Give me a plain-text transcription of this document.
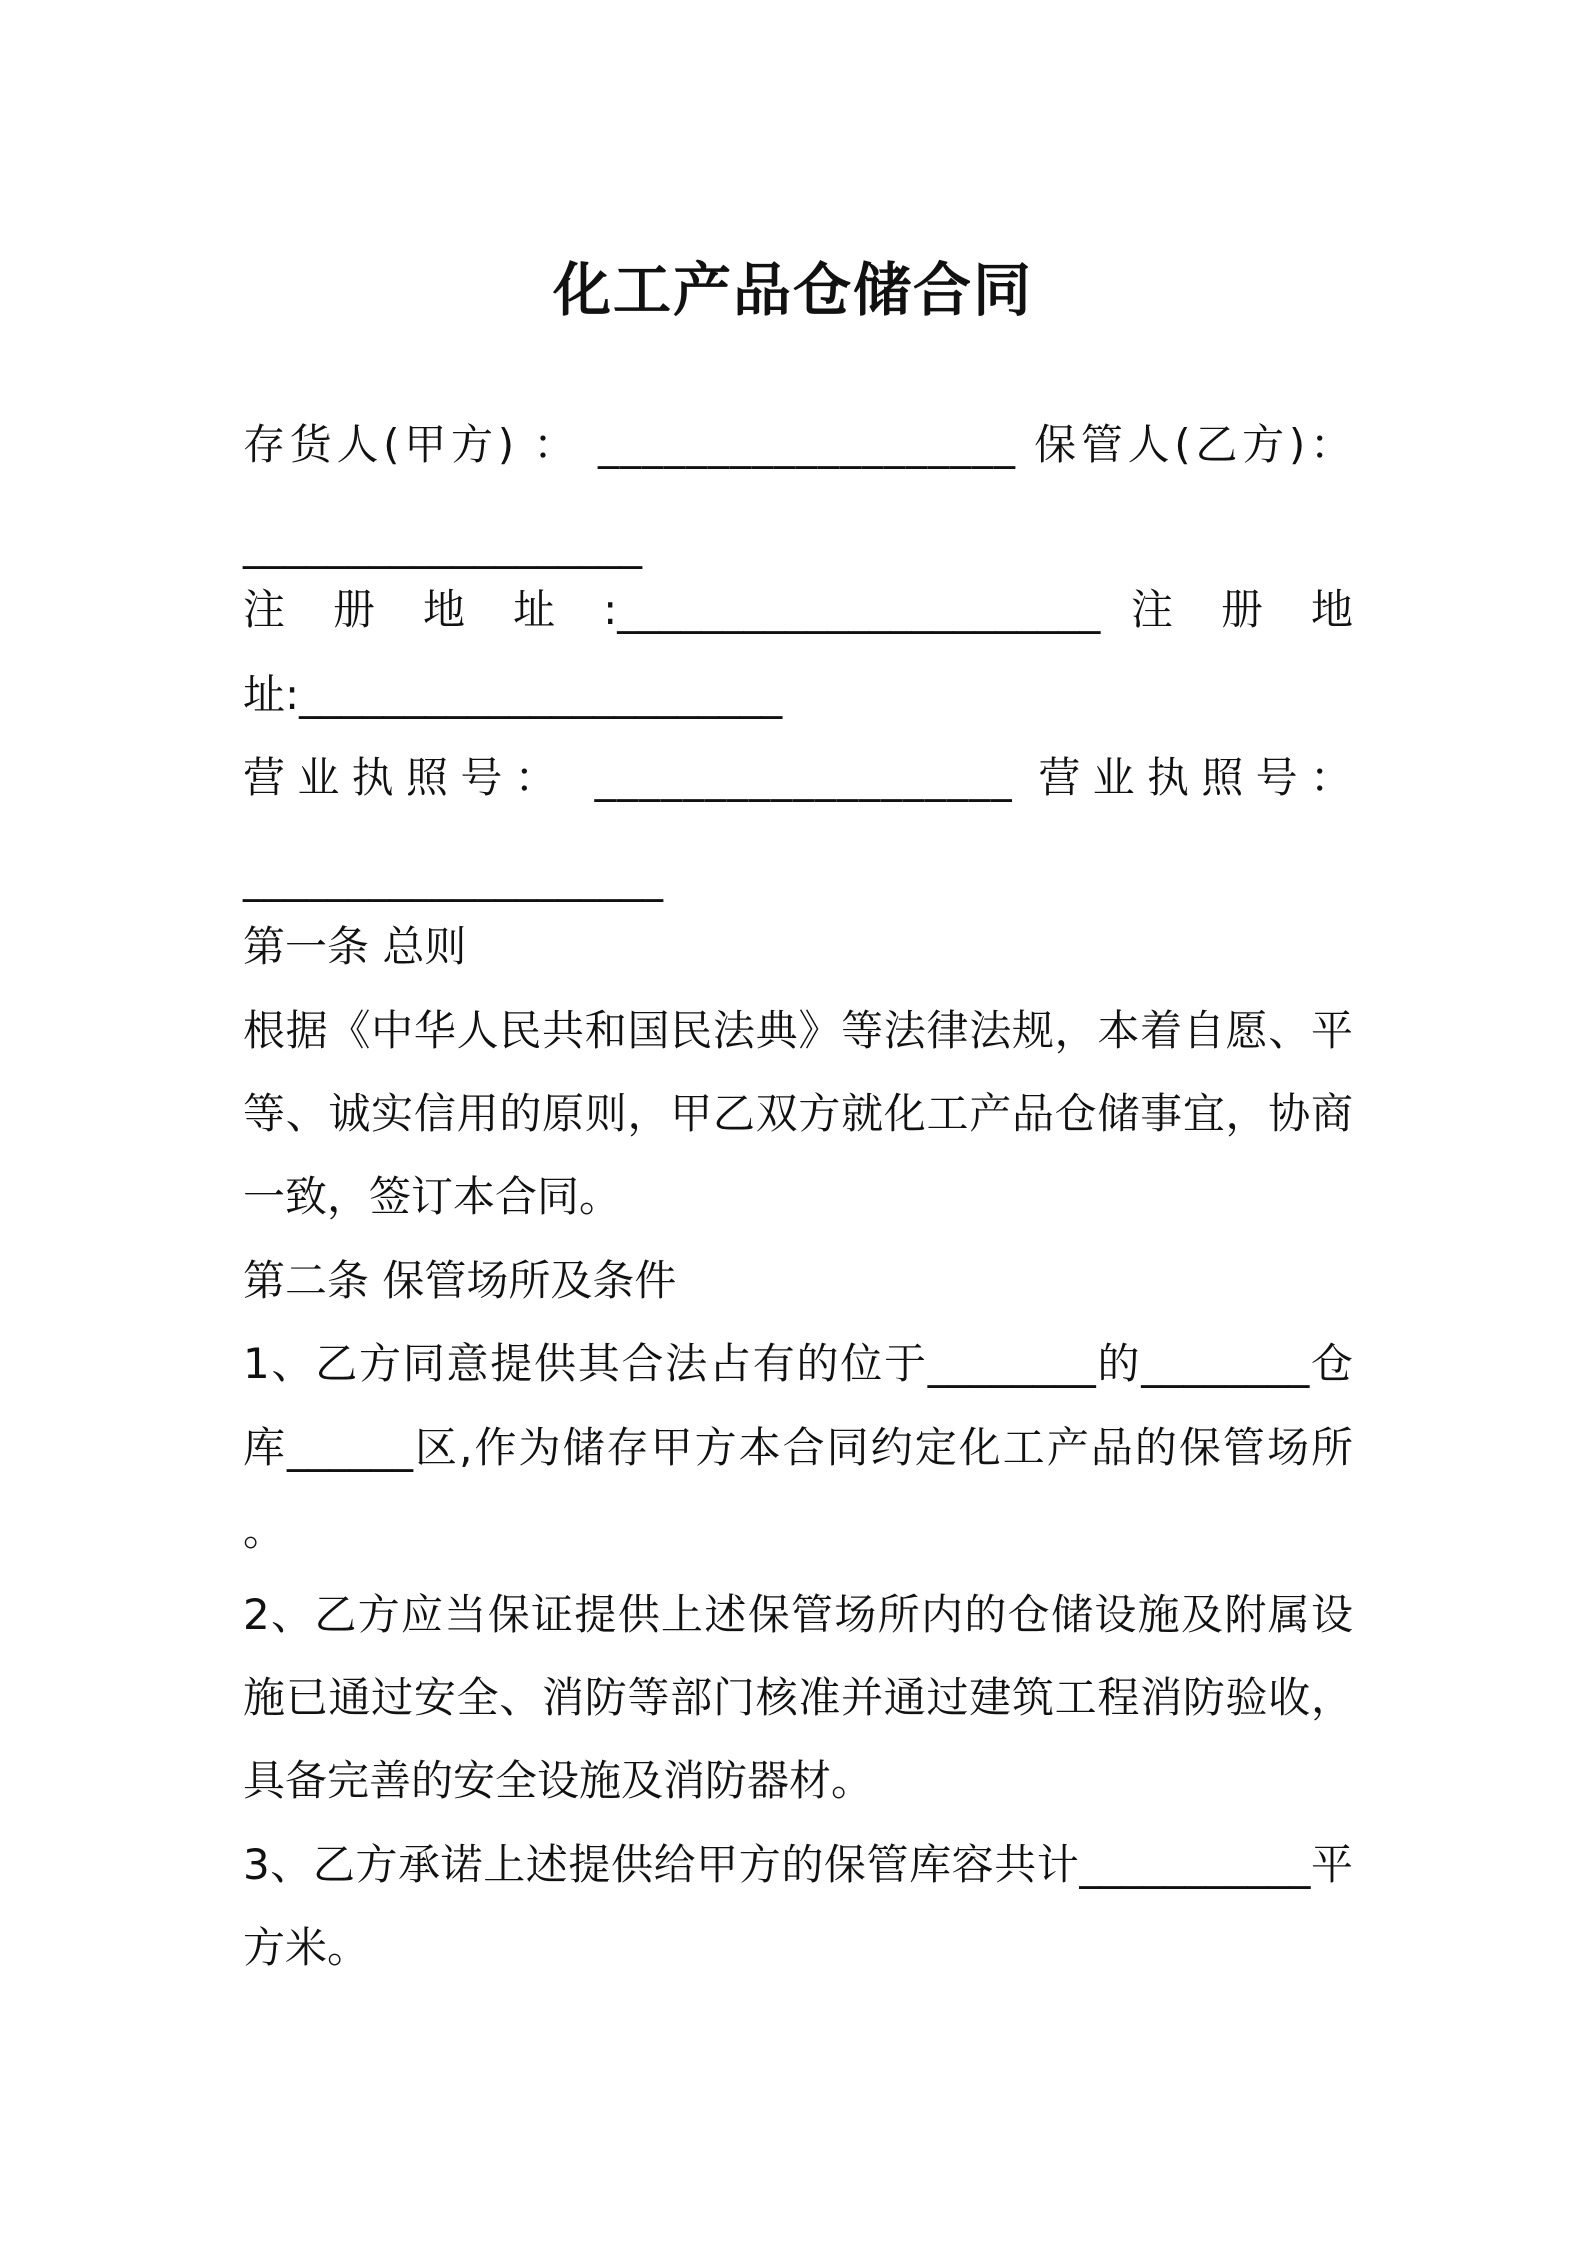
化工产品仓储合同
存货人(甲方) ： ___________________ 保管人(乙方)：
___________________
注 册 地 址 :_______________________ 注 册 地
址:_______________________
营业执照号： ___________________ 营业执照号：
____________________
第一条 总则
根据《中华人民共和国民法典》等法律法规，本着自愿、平
等、诚实信用的原则，甲乙双方就化工产品仓储事宜，协商
一致，签订本合同。
第二条 保管场所及条件
1、乙方同意提供其合法占有的位于________的________仓
库______区,作为储存甲方本合同约定化工产品的保管场所
。
2、乙方应当保证提供上述保管场所内的仓储设施及附属设
施已通过安全、消防等部门核准并通过建筑工程消防验收，
具备完善的安全设施及消防器材。
3、乙方承诺上述提供给甲方的保管库容共计___________平
方米。
